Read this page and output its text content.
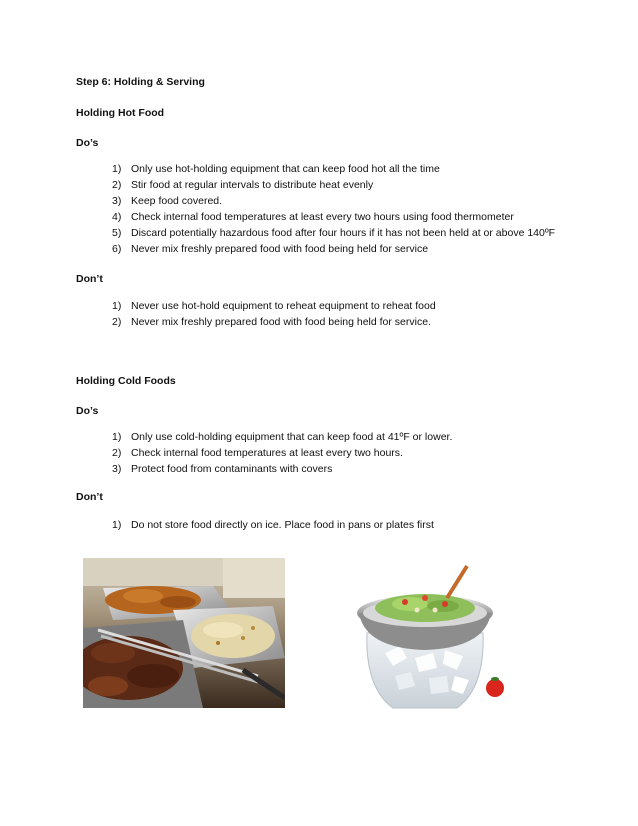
Step 6: Holding & Serving
Holding Hot Food
Do’s
1) Only use hot-holding equipment that can keep food hot all the time
2) Stir food at regular intervals to distribute heat evenly
3) Keep food covered.
4) Check internal food temperatures at least every two hours using food thermometer
5) Discard potentially hazardous food after four hours if it has not been held at or above 140ºF
6) Never mix freshly prepared food with food being held for service
Don’t
1) Never use hot-hold equipment to reheat equipment to reheat food
2) Never mix freshly prepared food with food being held for service.
Holding Cold Foods
Do’s
1) Only use cold-holding equipment that can keep food at 41ºF or lower.
2) Check internal food temperatures at least every two hours.
3) Protect food from contaminants with covers
Don’t
1) Do not store food directly on ice. Place food in pans or plates first
